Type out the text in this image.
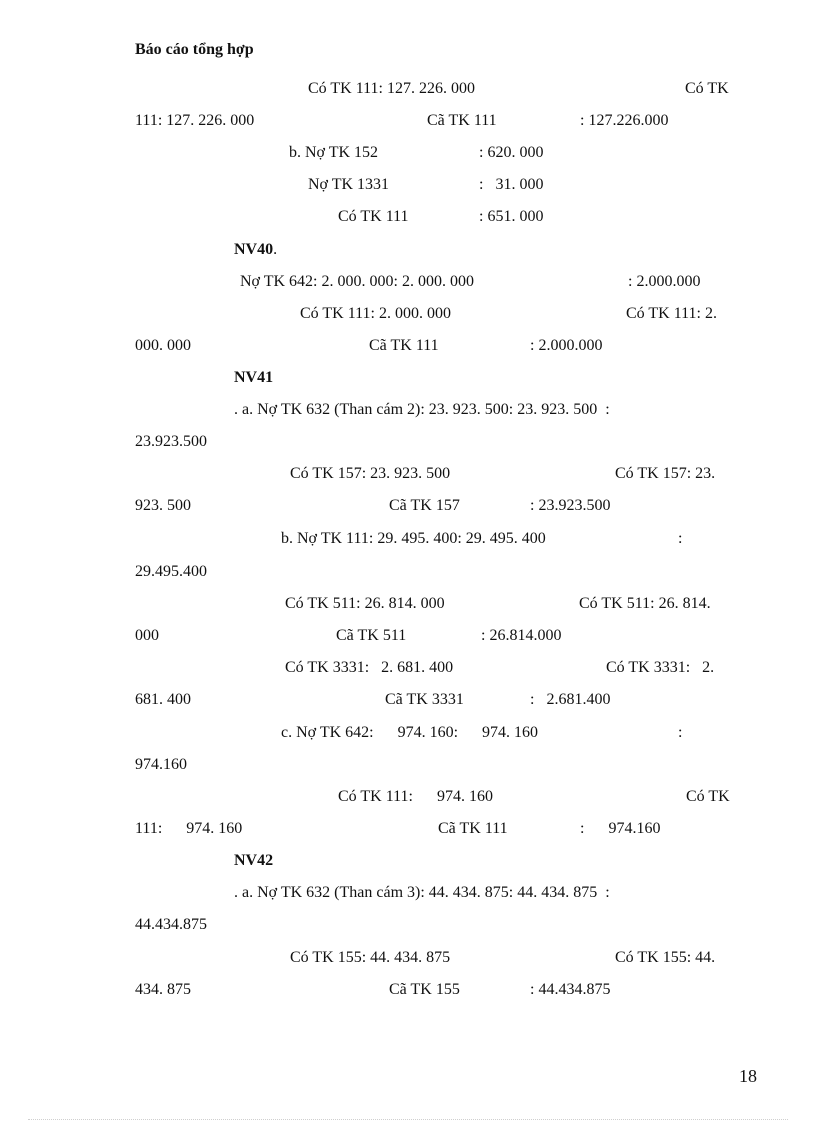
Báo cáo tổng hợp
Có TK 111: 127. 226. 000	Có TK
111: 127. 226. 000	Cã TK 111	: 127.226.000
b. Nợ TK 152	: 620. 000
Nợ TK 1331	:   31. 000
Có TK 111	: 651. 000
NV40.
Nợ TK 642: 2. 000. 000: 2. 000. 000	: 2.000.000
Có TK 111: 2. 000. 000	Có TK 111: 2.
000. 000	Cã TK 111	: 2.000.000
NV41
. a. Nợ TK 632 (Than cám 2): 23. 923. 500: 23. 923. 500  :
23.923.500
Có TK 157: 23. 923. 500	Có TK 157: 23.
923. 500	Cã TK 157	: 23.923.500
b. Nợ TK 111: 29. 495. 400: 29. 495. 400	:
29.495.400
Có TK 511: 26. 814. 000	Có TK 511: 26. 814.
000	Cã TK 511	: 26.814.000
Có TK 3331:   2. 681. 400	Có TK 3331:   2.
681. 400	Cã TK 3331	:   2.681.400
c. Nợ TK 642:      974. 160:      974. 160	:
974.160
Có TK 111:      974. 160	Có TK
111:      974. 160	Cã TK 111	:      974.160
NV42
. a. Nợ TK 632 (Than cám 3): 44. 434. 875: 44. 434. 875  :
44.434.875
Có TK 155: 44. 434. 875	Có TK 155: 44.
434. 875	Cã TK 155	: 44.434.875
18
